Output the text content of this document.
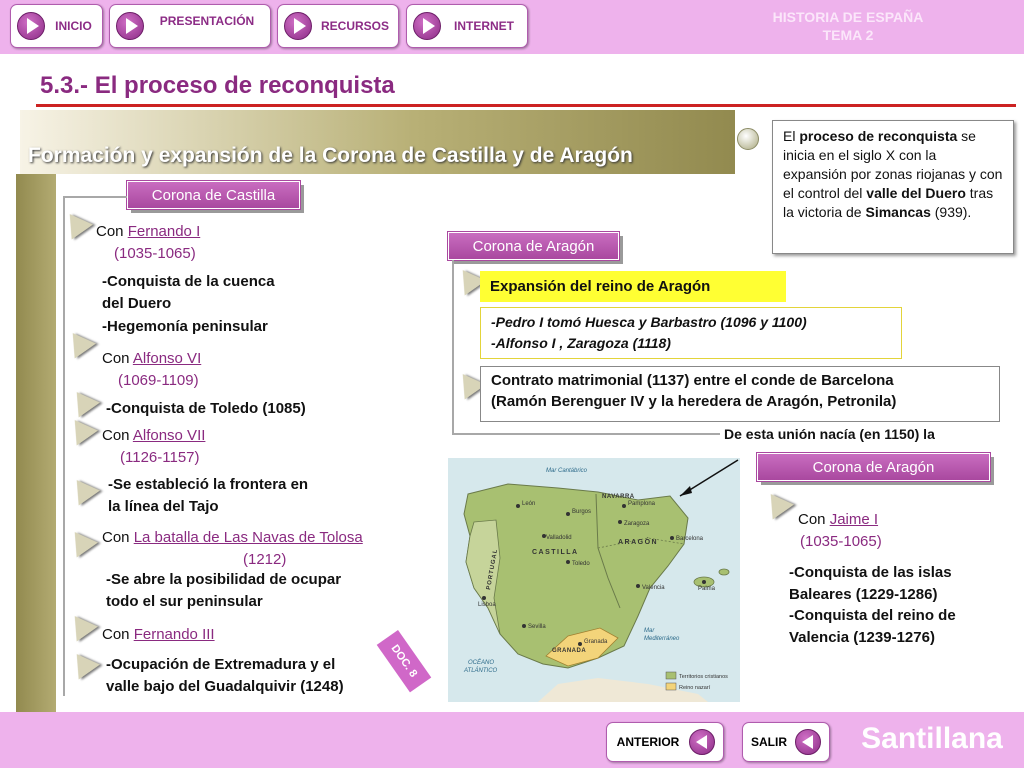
INICIO	PRESENTACIÓN	RECURSOS	INTERNET
HISTORIA DE ESPAÑA
TEMA 2
5.3.- El proceso de reconquista
Formación y expansión de la Corona de Castilla y de Aragón
El proceso de reconquista se inicia en el siglo X con la expansión por zonas riojanas y con el control del valle del Duero tras la victoria de Simancas (939).
Corona de Castilla
Con Fernando I
(1035-1065)
-Conquista de la cuenca
del Duero
-Hegemonía peninsular
Con Alfonso VI
(1069-1109)
-Conquista de Toledo (1085)
Con Alfonso VII
(1126-1157)
-Se estableció la frontera en
la línea del Tajo
Con La batalla de Las Navas de Tolosa
(1212)
-Se abre la posibilidad de ocupar
todo el sur peninsular
Con Fernando III
-Ocupación de Extremadura y el
valle bajo del Guadalquivir (1248)
Corona de Aragón
Expansión del reino de Aragón
-Pedro I tomó Huesca y Barbastro (1096 y 1100)
-Alfonso I , Zaragoza (1118)
Contrato matrimonial (1137) entre el conde de Barcelona
(Ramón Berenguer IV y la heredera de Aragón, Petronila)
De esta unión nacía (en 1150) la
Corona de Aragón
Con Jaime I
(1035-1065)
-Conquista de las islas
Baleares (1229-1286)
-Conquista del reino de
Valencia (1239-1276)
León	Pamplona
Burgos
Zaragoza
Barcelona
Valladolid
Toledo
Valencia	Palma
Lisboa
Sevilla
Granada
Mar Cantábrico
Mar
Mediterráneo
OCÉANO
ATLÁNTICO
CASTILLA
ARAGÓN
NAVARRA
GRANADA
PORTUGAL
Territorios cristianos
Reino nazarí
DOC. 8
ANTERIOR	SALIR	Santillana
